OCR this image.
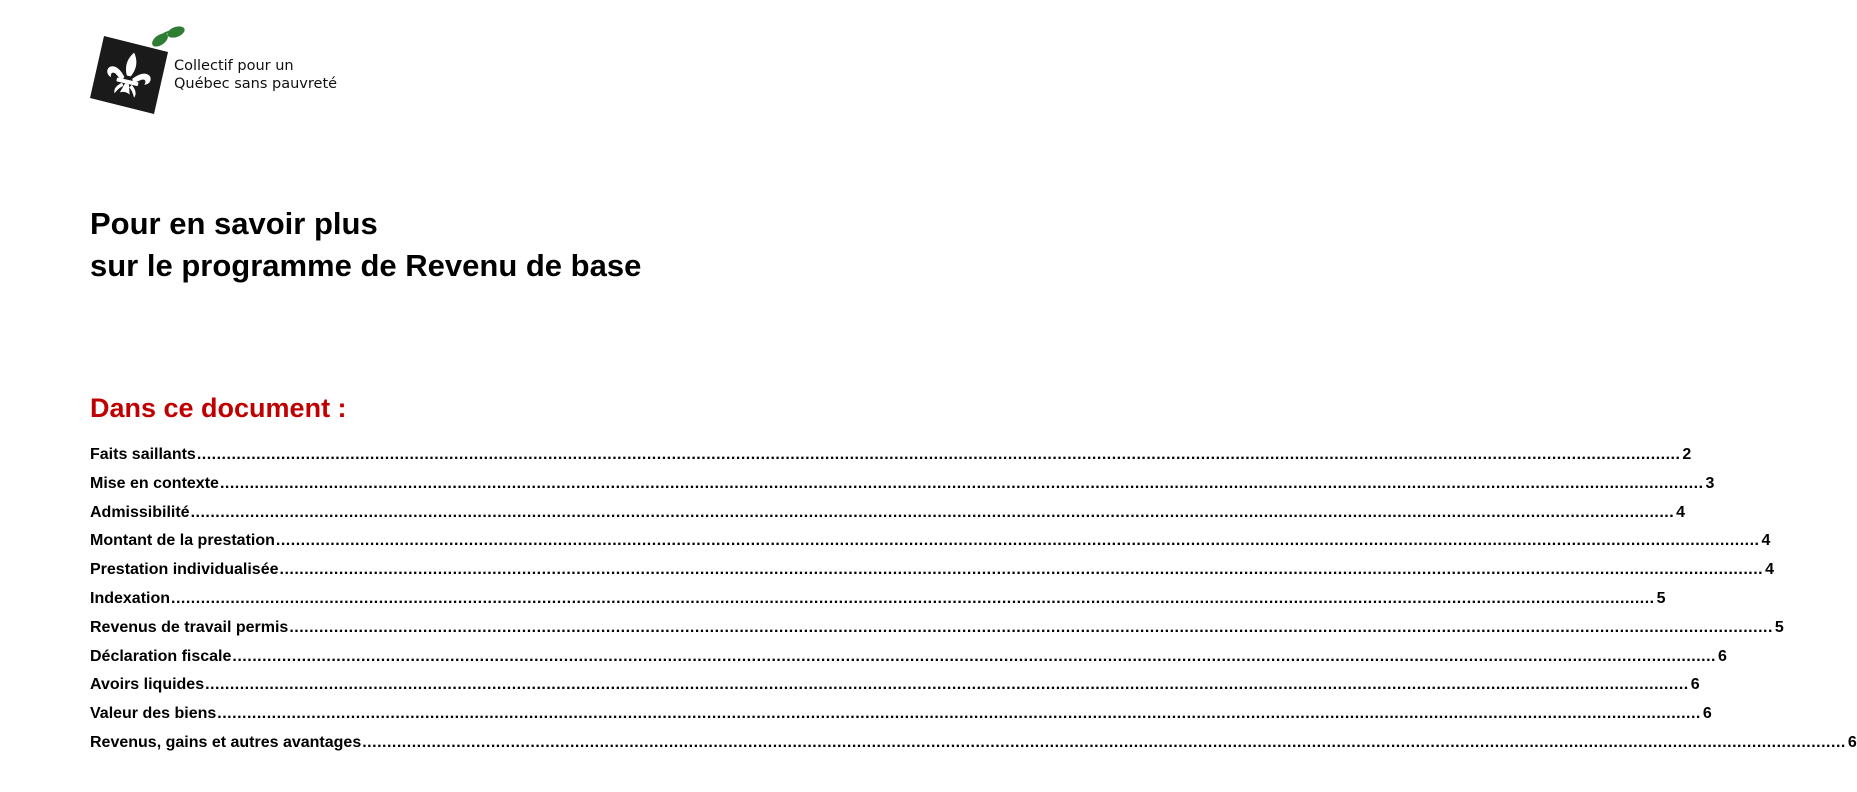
Collectif pour un
Québec sans pauvreté
Pour en savoir plus
sur le programme de Revenu de base
Dans ce document :
Faits saillants ............................................................................................................................................................................................................................................................................................................ 2
Mise en contexte ............................................................................................................................................................................................................................................................................................................ 3
Admissibilité ............................................................................................................................................................................................................................................................................................................ 4
Montant de la prestation ............................................................................................................................................................................................................................................................................................................ 4
Prestation individualisée ............................................................................................................................................................................................................................................................................................................ 4
Indexation ............................................................................................................................................................................................................................................................................................................ 5
Revenus de travail permis ............................................................................................................................................................................................................................................................................................................ 5
Déclaration fiscale ............................................................................................................................................................................................................................................................................................................ 6
Avoirs liquides ............................................................................................................................................................................................................................................................................................................ 6
Valeur des biens ............................................................................................................................................................................................................................................................................................................ 6
Revenus, gains et autres avantages ............................................................................................................................................................................................................................................................................................................ 6
